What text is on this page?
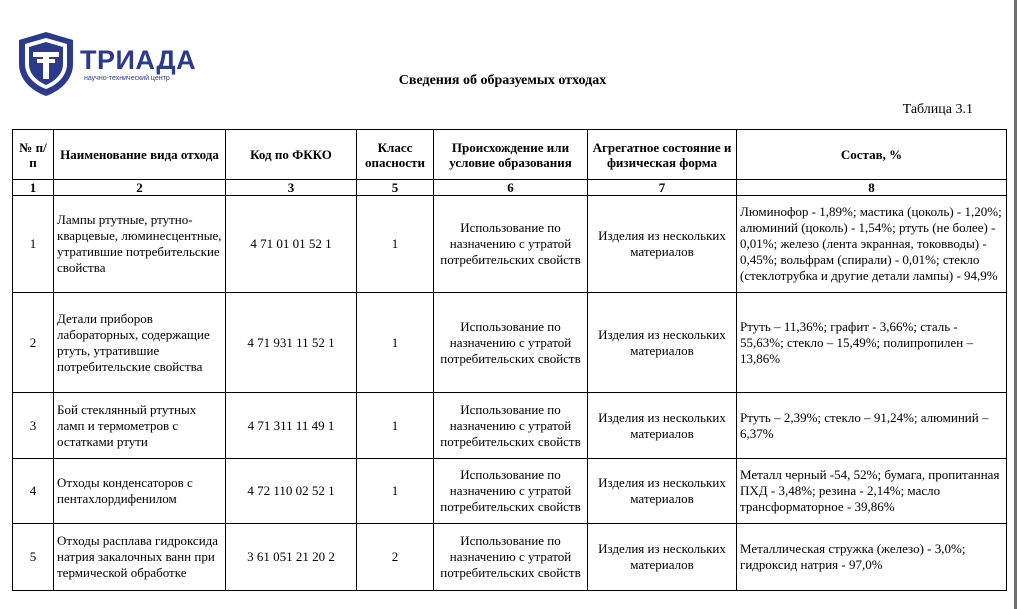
ТРИАДА
научно-технический центр	Сведения об образуемых отходах
Таблица 3.1
№ п/п	Наименование вида отхода	Код по ФККО	Класс опасности	Происхождение или условие образования	Агрегатное состояние и физическая форма	Состав, %
1	2	3	5	6	7	8
1	Лампы ртутные, ртутно-кварцевые, люминесцентные, утратившие потребительские свойства	4 71 01 01 52 1	1	Использование по назначению с утратой потребительских свойств	Изделия из нескольких материалов	Люминофор - 1,89%; мастика (цоколь) - 1,20%; алюминий (цоколь) - 1,54%; ртуть (не более) - 0,01%; железо (лента экранная, токовводы) - 0,45%; вольфрам (спирали) - 0,01%; стекло (стеклотрубка и другие детали лампы) - 94,9%
2	Детали приборов лабораторных, содержащие ртуть, утратившие потребительские свойства	4 71 931 11 52 1	1	Использование по назначению с утратой потребительских свойств	Изделия из нескольких материалов	Ртуть – 11,36%; графит - 3,66%; сталь - 55,63%; стекло – 15,49%; полипропилен – 13,86%
3	Бой стеклянный ртутных ламп и термометров с остатками ртути	4 71 311 11 49 1	1	Использование по назначению с утратой потребительских свойств	Изделия из нескольких материалов	Ртуть – 2,39%; стекло – 91,24%; алюминий – 6,37%
4	Отходы конденсаторов с пентахлордифенилом	4 72 110 02 52 1	1	Использование по назначению с утратой потребительских свойств	Изделия из нескольких материалов	Металл черный -54, 52%; бумага, пропитанная ПХД - 3,48%; резина - 2,14%; масло трансформаторное - 39,86%
5	Отходы расплава гидроксида натрия закалочных ванн при термической обработке	3 61 051 21 20 2	2	Использование по назначению с утратой потребительских свойств	Изделия из нескольких материалов	Металлическая стружка (железо) - 3,0%; гидроксид натрия - 97,0%
